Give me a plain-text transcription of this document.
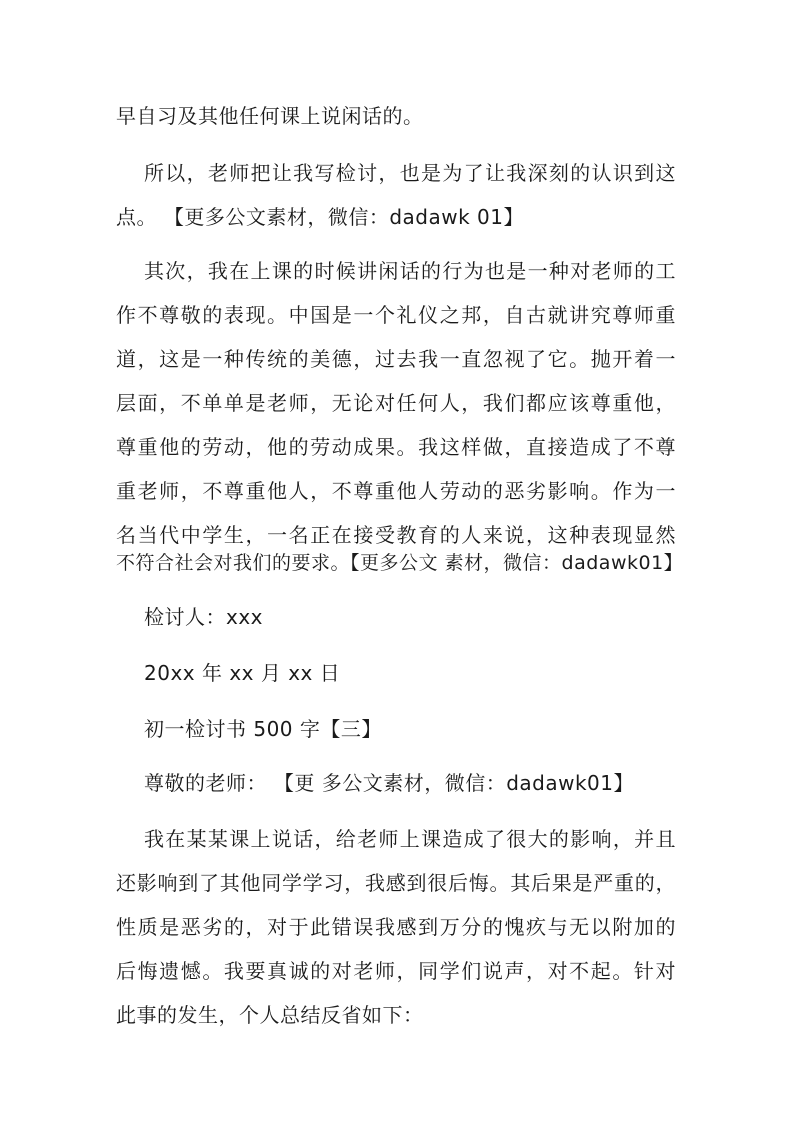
早自习及其他任何课上说闲话的。
所以，老师把让我写检讨，也是为了让我深刻的认识到这
点。 【更多公文素材，微信：dadawk 01】
其次，我在上课的时候讲闲话的行为也是一种对老师的工
作不尊敬的表现。中国是一个礼仪之邦，自古就讲究尊师重
道，这是一种传统的美德，过去我一直忽视了它。抛开着一
层面，不单单是老师，无论对任何人，我们都应该尊重他，
尊重他的劳动，他的劳动成果。我这样做，直接造成了不尊
重老师，不尊重他人，不尊重他人劳动的恶劣影响。作为一
名当代中学生，一名正在接受教育的人来说，这种表现显然
不符合社会对我们的要求。【更多公文 素材，微信：dadawk01】
检讨人：xxx
20xx 年 xx 月 xx 日
初一检讨书 500 字【三】
尊敬的老师： 【更 多公文素材，微信：dadawk01】
我在某某课上说话，给老师上课造成了很大的影响，并且
还影响到了其他同学学习，我感到很后悔。其后果是严重的，
性质是恶劣的，对于此错误我感到万分的愧疚与无以附加的
后悔遗憾。我要真诚的对老师，同学们说声，对不起。针对
此事的发生，个人总结反省如下：
